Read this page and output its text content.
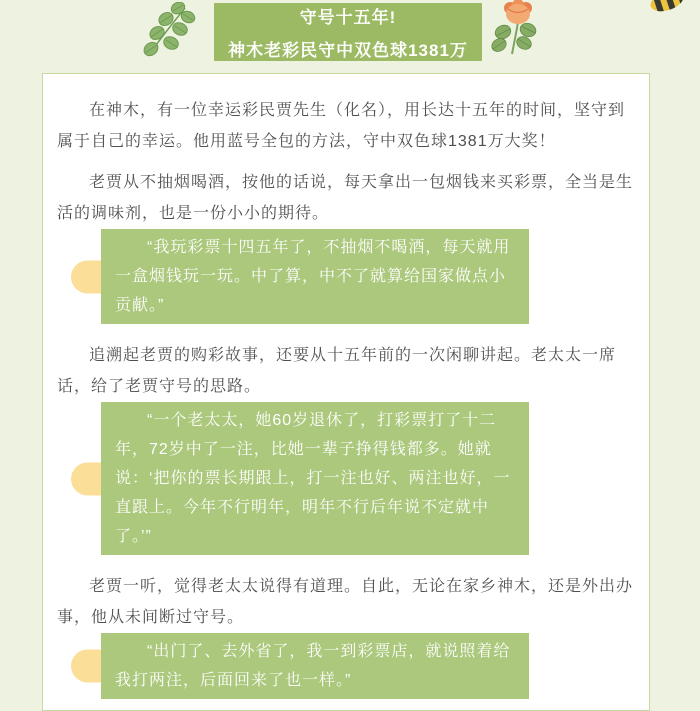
守号十五年!
神木老彩民守中双色球1381万

在神木，有一位幸运彩民贾先生（化名），用长达十五年的时间，坚守到属于自己的幸运。他用蓝号全包的方法，守中双色球1381万大奖！

老贾从不抽烟喝酒，按他的话说，每天拿出一包烟钱来买彩票，全当是生活的调味剂，也是一份小小的期待。

“我玩彩票十四五年了，不抽烟不喝酒，每天就用一盒烟钱玩一玩。中了算，中不了就算给国家做点小贡献。”

追溯起老贾的购彩故事，还要从十五年前的一次闲聊讲起。老太太一席话，给了老贾守号的思路。

“一个老太太，她60岁退休了，打彩票打了十二年，72岁中了一注，比她一辈子挣得钱都多。她就说：‘把你的票长期跟上，打一注也好、两注也好，一直跟上。今年不行明年，明年不行后年说不定就中了。’”

老贾一听，觉得老太太说得有道理。自此，无论在家乡神木，还是外出办事，他从未间断过守号。

“出门了、去外省了，我一到彩票店，就说照着给我打两注，后面回来了也一样。”
